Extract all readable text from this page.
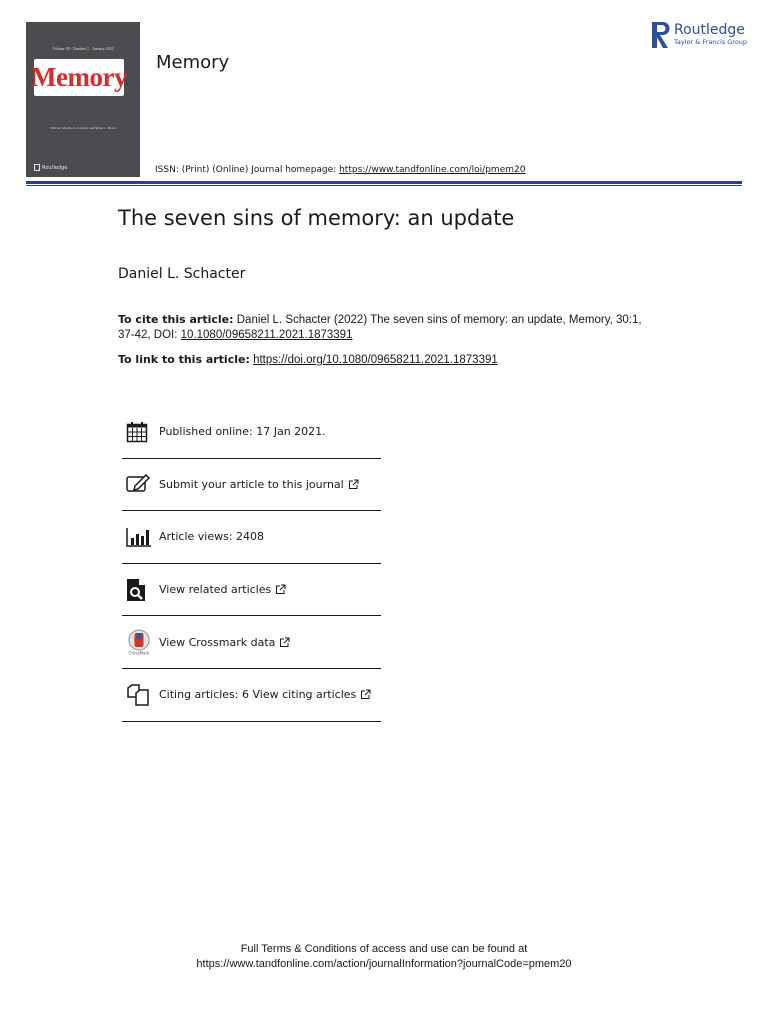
Volume 30 · Number 1 · January 2022
Memory
Editors: Martin A. Conway and Mark L. Howe
Routledge
Memory
Routledge
Taylor & Francis Group
ISSN: (Print) (Online) Journal homepage: https://www.tandfonline.com/loi/pmem20
The seven sins of memory: an update
Daniel L. Schacter
To cite this article: Daniel L. Schacter (2022) The seven sins of memory: an update, Memory, 30:1, 37-42, DOI: 10.1080/09658211.2021.1873391
To link to this article: https://doi.org/10.1080/09658211.2021.1873391
Published online: 17 Jan 2021.
Submit your article to this journal
Article views: 2408
View related articles
CrossMark
View Crossmark data
Citing articles: 6 View citing articles
Full Terms & Conditions of access and use can be found at
https://www.tandfonline.com/action/journalInformation?journalCode=pmem20
